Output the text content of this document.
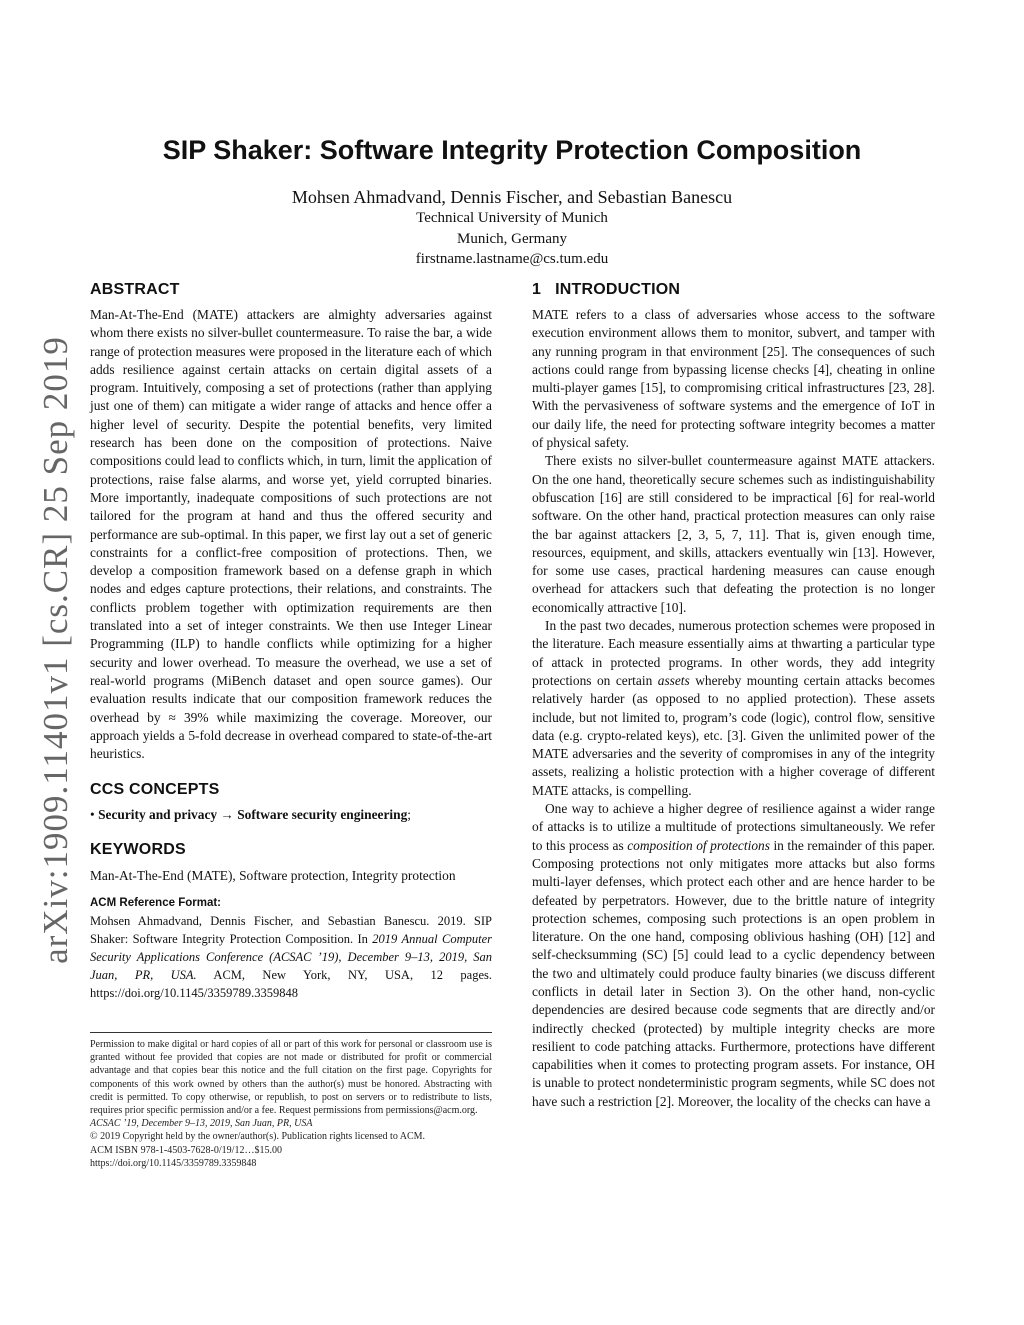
arXiv:1909.11401v1 [cs.CR] 25 Sep 2019
SIP Shaker: Software Integrity Protection Composition
Mohsen Ahmadvand, Dennis Fischer, and Sebastian Banescu
Technical University of Munich
Munich, Germany
firstname.lastname@cs.tum.edu
ABSTRACT

Man-At-The-End (MATE) attackers are almighty adversaries against whom there exists no silver-bullet countermeasure. To raise the bar, a wide range of protection measures were proposed in the literature each of which adds resilience against certain attacks on certain digital assets of a program. Intuitively, composing a set of protections (rather than applying just one of them) can mitigate a wider range of attacks and hence offer a higher level of security. Despite the potential benefits, very limited research has been done on the composition of protections. Naive compositions could lead to conflicts which, in turn, limit the application of protections, raise false alarms, and worse yet, yield corrupted binaries. More importantly, inadequate compositions of such protections are not tailored for the program at hand and thus the offered security and performance are sub-optimal. In this paper, we first lay out a set of generic constraints for a conflict-free composition of protections. Then, we develop a composition framework based on a defense graph in which nodes and edges capture protections, their relations, and constraints. The conflicts problem together with optimization requirements are then translated into a set of integer constraints. We then use Integer Linear Programming (ILP) to handle conflicts while optimizing for a higher security and lower overhead. To measure the overhead, we use a set of real-world programs (MiBench dataset and open source games). Our evaluation results indicate that our composition framework reduces the overhead by ≈ 39% while maximizing the coverage. Moreover, our approach yields a 5-fold decrease in overhead compared to state-of-the-art heuristics.

CCS CONCEPTS

• Security and privacy → Software security engineering;

KEYWORDS

Man-At-The-End (MATE), Software protection, Integrity protection

ACM Reference Format:

Mohsen Ahmadvand, Dennis Fischer, and Sebastian Banescu. 2019. SIP Shaker: Software Integrity Protection Composition. In 2019 Annual Computer Security Applications Conference (ACSAC ’19), December 9–13, 2019, San Juan, PR, USA. ACM, New York, NY, USA, 12 pages. https://doi.org/10.1145/3359789.3359848

Permission to make digital or hard copies of all or part of this work for personal or classroom use is granted without fee provided that copies are not made or distributed for profit or commercial advantage and that copies bear this notice and the full citation on the first page. Copyrights for components of this work owned by others than the author(s) must be honored. Abstracting with credit is permitted. To copy otherwise, or republish, to post on servers or to redistribute to lists, requires prior specific permission and/or a fee. Request permissions from permissions@acm.org.
ACSAC ’19, December 9–13, 2019, San Juan, PR, USA
© 2019 Copyright held by the owner/author(s). Publication rights licensed to ACM.
ACM ISBN 978-1-4503-7628-0/19/12…$15.00
https://doi.org/10.1145/3359789.3359848
1 INTRODUCTION

MATE refers to a class of adversaries whose access to the software execution environment allows them to monitor, subvert, and tamper with any running program in that environment [25]. The consequences of such actions could range from bypassing license checks [4], cheating in online multi-player games [15], to compromising critical infrastructures [23, 28]. With the pervasiveness of software systems and the emergence of IoT in our daily life, the need for protecting software integrity becomes a matter of physical safety.

There exists no silver-bullet countermeasure against MATE attackers. On the one hand, theoretically secure schemes such as indistinguishability obfuscation [16] are still considered to be impractical [6] for real-world software. On the other hand, practical protection measures can only raise the bar against attackers [2, 3, 5, 7, 11]. That is, given enough time, resources, equipment, and skills, attackers eventually win [13]. However, for some use cases, practical hardening measures can cause enough overhead for attackers such that defeating the protection is no longer economically attractive [10].

In the past two decades, numerous protection schemes were proposed in the literature. Each measure essentially aims at thwarting a particular type of attack in protected programs. In other words, they add integrity protections on certain assets whereby mounting certain attacks becomes relatively harder (as opposed to no applied protection). These assets include, but not limited to, program’s code (logic), control flow, sensitive data (e.g. crypto-related keys), etc. [3]. Given the unlimited power of the MATE adversaries and the severity of compromises in any of the integrity assets, realizing a holistic protection with a higher coverage of different MATE attacks, is compelling.

One way to achieve a higher degree of resilience against a wider range of attacks is to utilize a multitude of protections simultaneously. We refer to this process as composition of protections in the remainder of this paper. Composing protections not only mitigates more attacks but also forms multi-layer defenses, which protect each other and are hence harder to be defeated by perpetrators. However, due to the brittle nature of integrity protection schemes, composing such protections is an open problem in literature. On the one hand, composing oblivious hashing (OH) [12] and self-checksumming (SC) [5] could lead to a cyclic dependency between the two and ultimately could produce faulty binaries (we discuss different conflicts in detail later in Section 3). On the other hand, non-cyclic dependencies are desired because code segments that are directly and/or indirectly checked (protected) by multiple integrity checks are more resilient to code patching attacks. Furthermore, protections have different capabilities when it comes to protecting program assets. For instance, OH is unable to protect nondeterministic program segments, while SC does not have such a restriction [2]. Moreover, the locality of the checks can have a
